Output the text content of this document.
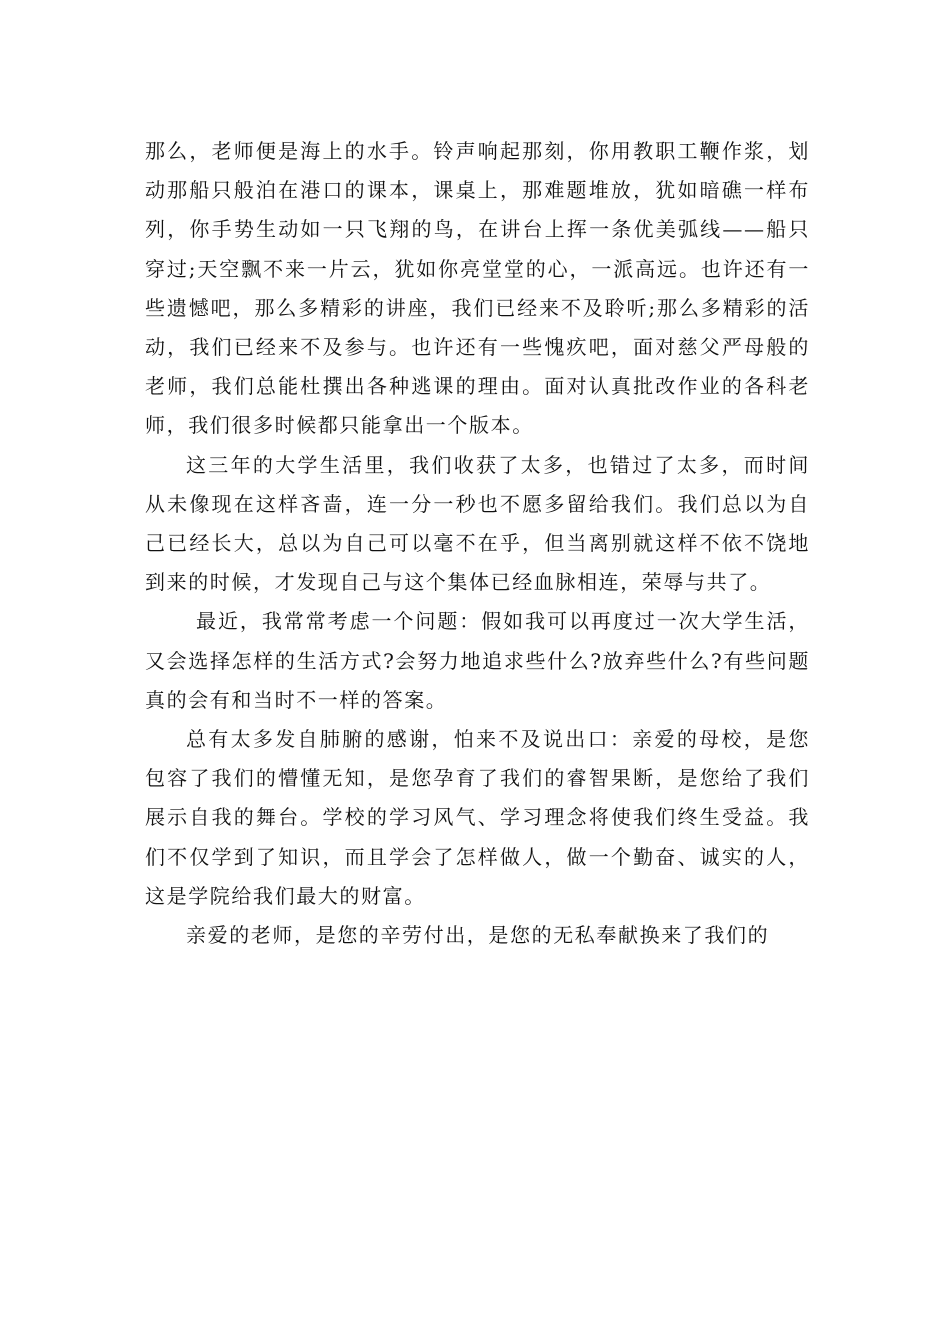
那么，老师便是海上的水手。铃声响起那刻，你用教职工鞭作浆，划动那船只般泊在港口的课本，课桌上，那难题堆放，犹如暗礁一样布列，你手势生动如一只飞翔的鸟，在讲台上挥一条优美弧线——船只穿过;天空飘不来一片云，犹如你亮堂堂的心，一派高远。也许还有一些遗憾吧，那么多精彩的讲座，我们已经来不及聆听;那么多精彩的活动，我们已经来不及参与。也许还有一些愧疚吧，面对慈父严母般的老师，我们总能杜撰出各种逃课的理由。面对认真批改作业的各科老师，我们很多时候都只能拿出一个版本。

这三年的大学生活里，我们收获了太多，也错过了太多，而时间从未像现在这样吝啬，连一分一秒也不愿多留给我们。我们总以为自己已经长大，总以为自己可以毫不在乎，但当离别就这样不依不饶地到来的时候，才发现自己与这个集体已经血脉相连，荣辱与共了。

最近，我常常考虑一个问题：假如我可以再度过一次大学生活，又会选择怎样的生活方式?会努力地追求些什么?放弃些什么?有些问题真的会有和当时不一样的答案。

总有太多发自肺腑的感谢，怕来不及说出口：亲爱的母校，是您包容了我们的懵懂无知，是您孕育了我们的睿智果断，是您给了我们展示自我的舞台。学校的学习风气、学习理念将使我们终生受益。我们不仅学到了知识，而且学会了怎样做人，做一个勤奋、诚实的人，这是学院给我们最大的财富。

亲爱的老师，是您的辛劳付出，是您的无私奉献换来了我们的
